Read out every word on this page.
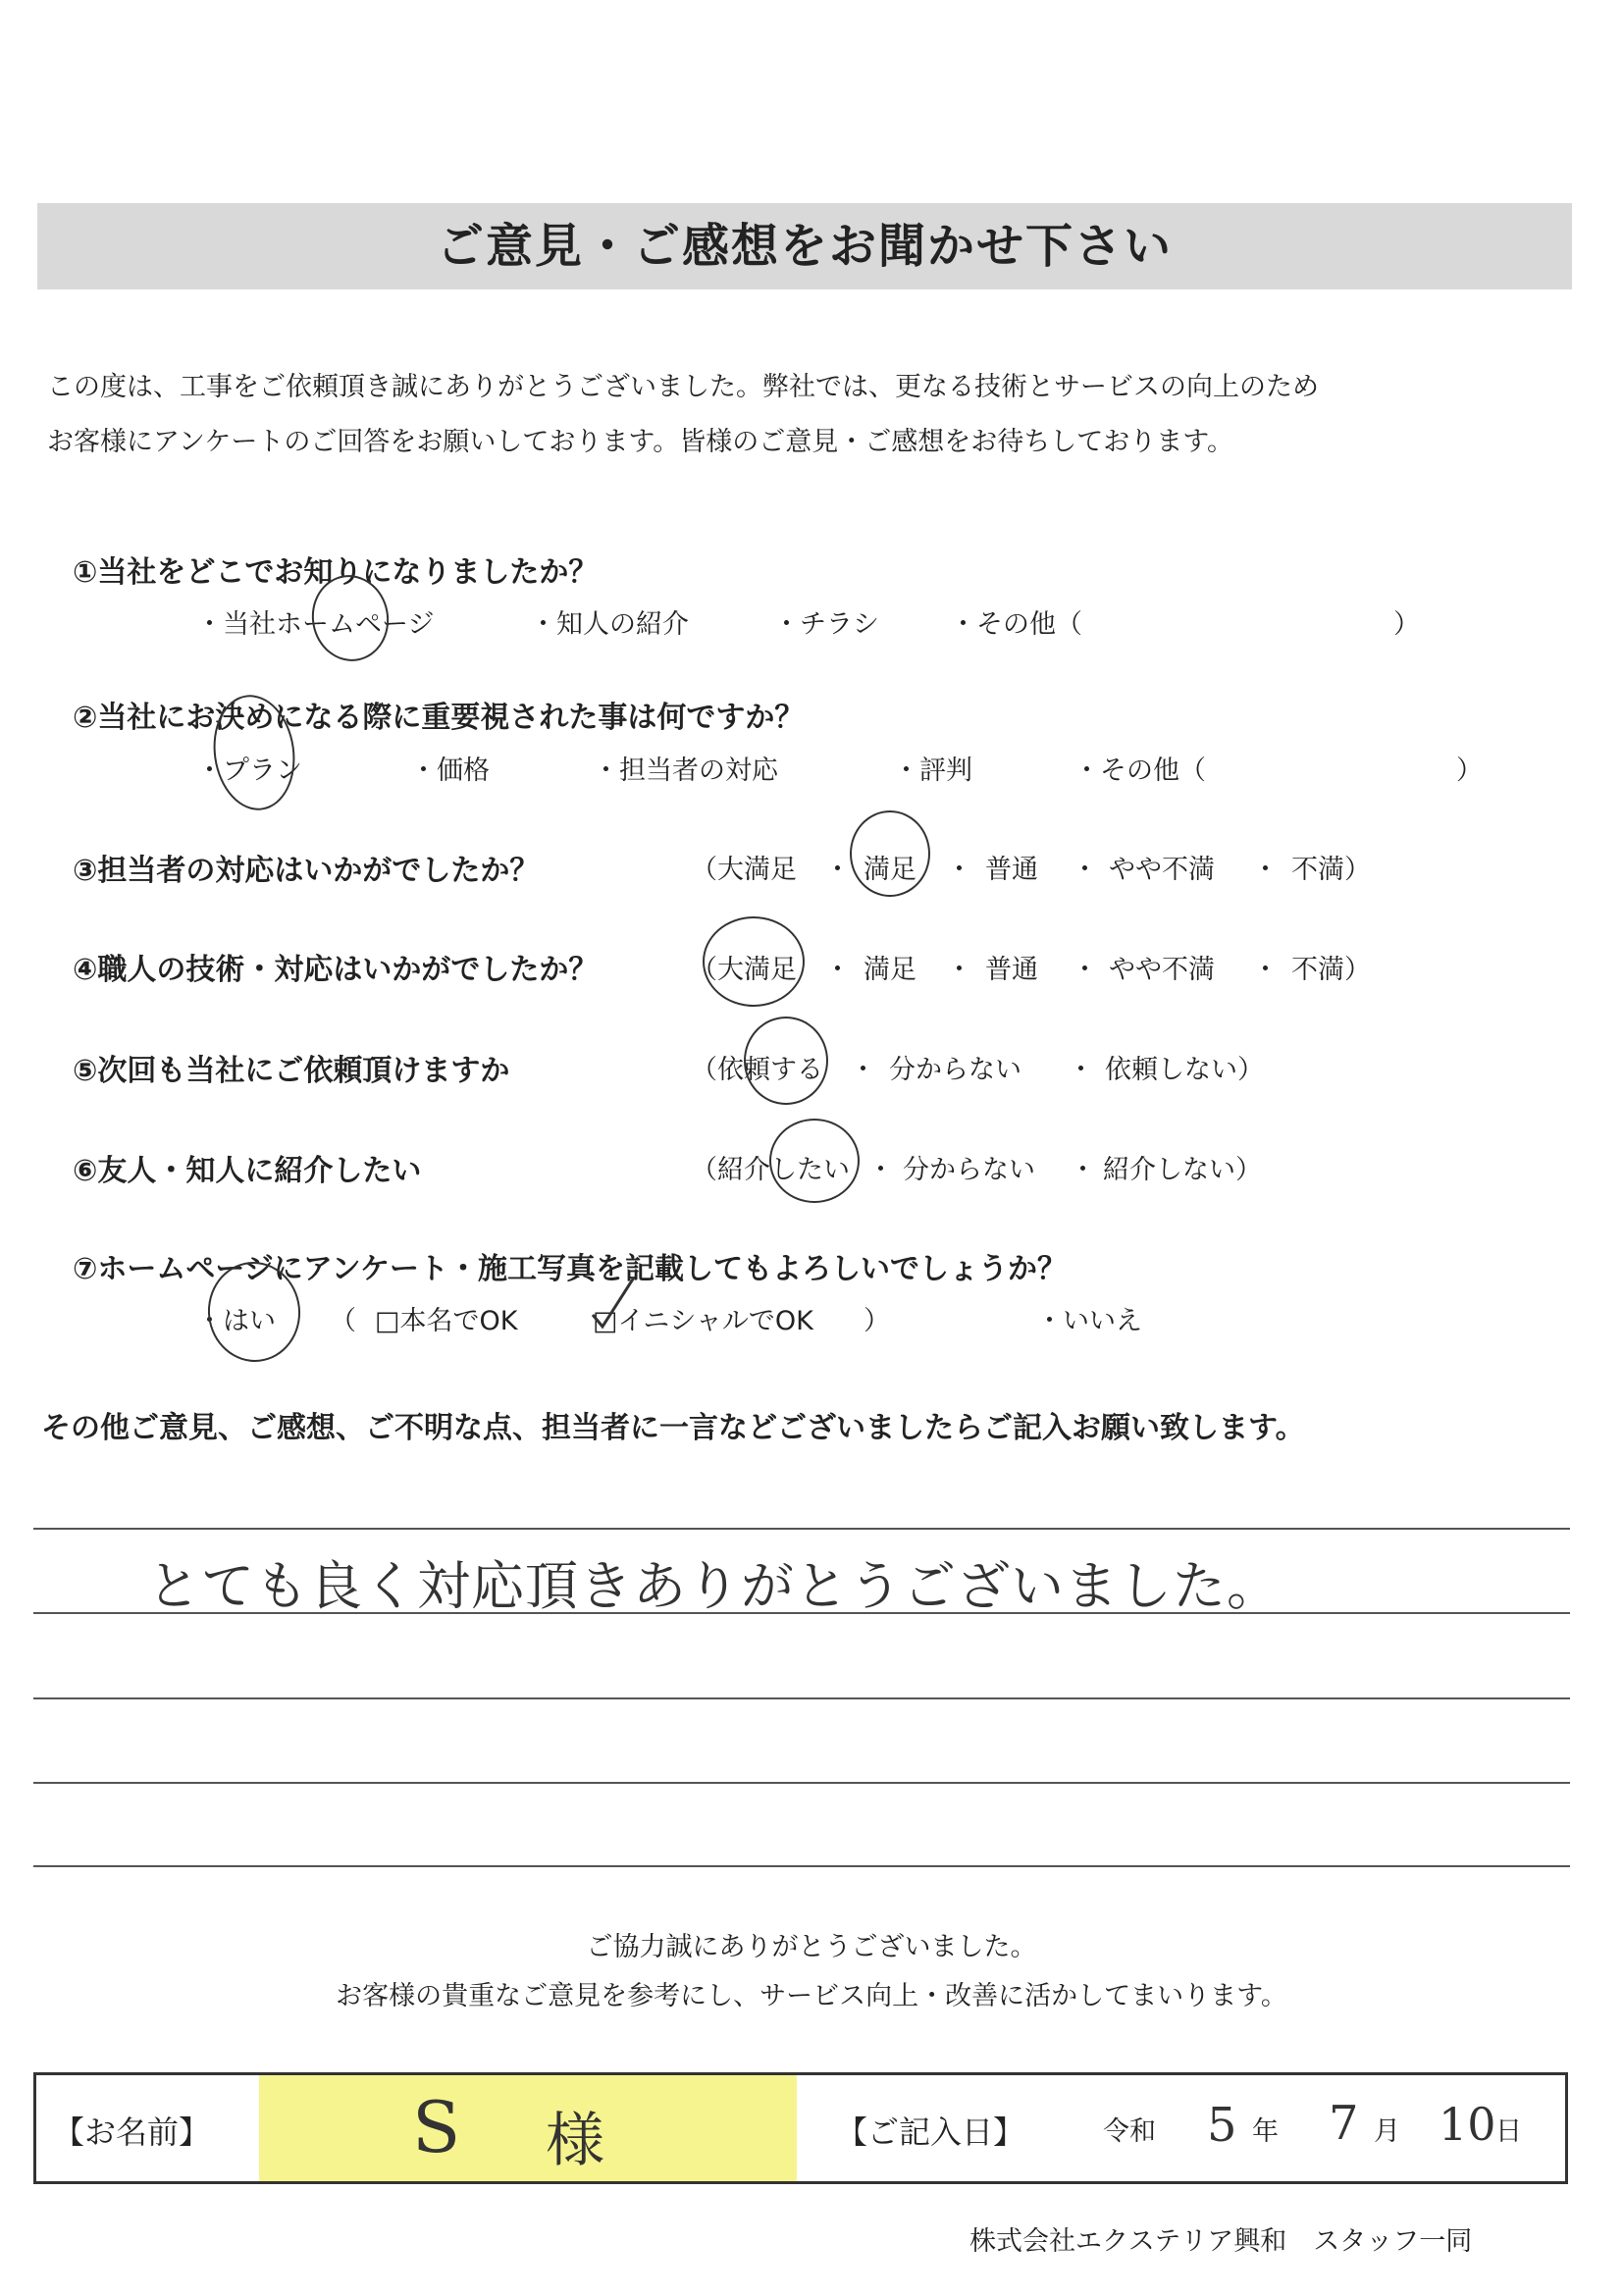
ご意見・ご感想をお聞かせ下さい
この度は、工事をご依頼頂き誠にありがとうございました。弊社では、更なる技術とサービスの向上のため
お客様にアンケートのご回答をお願いしております。皆様のご意見・ご感想をお待ちしております。
①当社をどこでお知りになりましたか？
・当社ホームページ	・知人の紹介	・チラシ	・その他（	）
②当社にお決めになる際に重要視された事は何ですか？
・プラン	・価格	・担当者の対応	・評判	・その他（	）
③担当者の対応はいかがでしたか？	（大満足 ・ 満足 ・ 普通 ・ やや不満 ・ 不満）
④職人の技術・対応はいかがでしたか？	（大満足 ・ 満足 ・ 普通 ・ やや不満 ・ 不満）
⑤次回も当社にご依頼頂けますか	（依頼する ・ 分からない ・ 依頼しない）
⑥友人・知人に紹介したい	（紹介したい ・ 分からない ・ 紹介しない）
⑦ホームページにアンケート・施工写真を記載してもよろしいでしょうか？
・はい （ □本名でOK	□イニシャルでOK ）	・いいえ
その他ご意見、ご感想、ご不明な点、担当者に一言などございましたらご記入お願い致します。
とても良く対応頂きありがとうございました。
ご協力誠にありがとうございました。
お客様の貴重なご意見を参考にし、サービス向上・改善に活かしてまいります。
【お名前】	S 様	【ご記入日】	令和 5 年 7 月 10 日
株式会社エクステリア興和　スタッフ一同
